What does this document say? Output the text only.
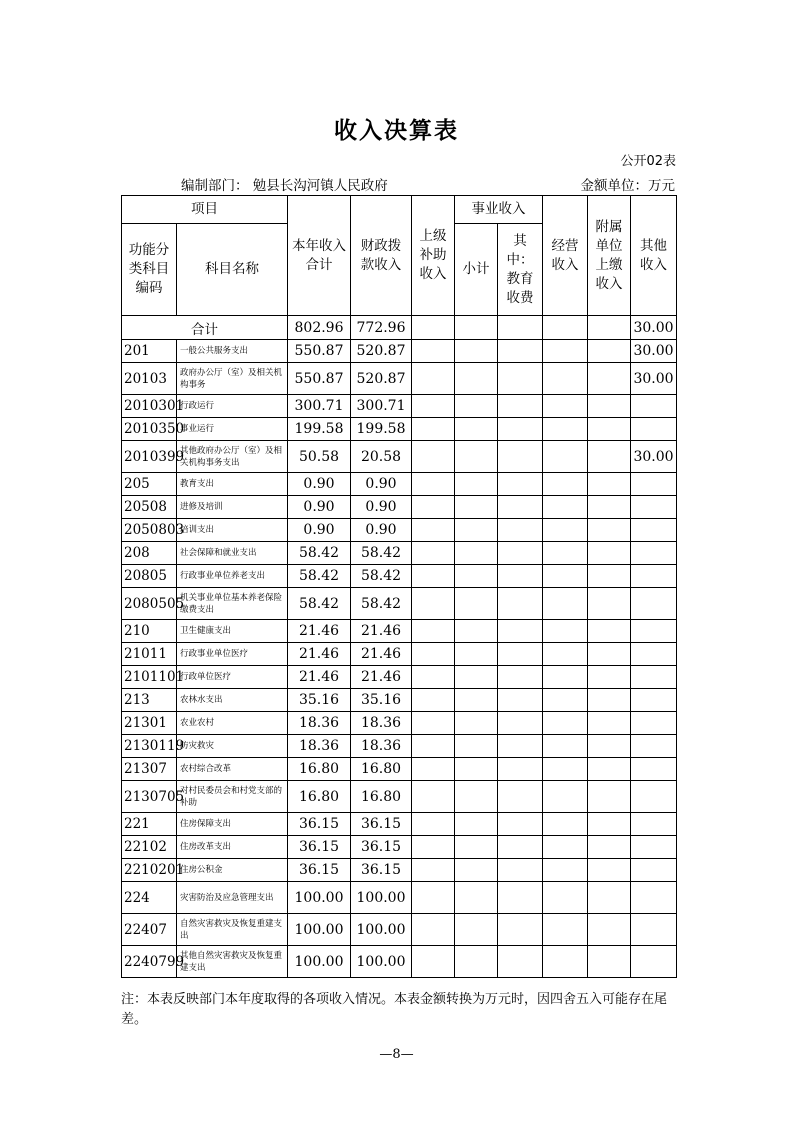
收入决算表
公开02表
编制部门： 勉县长沟河镇人民政府	金额单位：万元
项目		本年收入合计	财政拨款收入	上级补助收入	事业收入		经营收入	附属单位上缴收入	其他收入
功能分类科目编码	科目名称				小计	其中：教育收费			
合计		802.96	772.96						30.00
201	一般公共服务支出	550.87	520.87						30.00
20103	政府办公厅（室）及相关机构事务	550.87	520.87						30.00
2010301	行政运行	300.71	300.71						
2010350	事业运行	199.58	199.58						
2010399	其他政府办公厅（室）及相关机构事务支出	50.58	20.58						30.00
205	教育支出	0.90	0.90						
20508	进修及培训	0.90	0.90						
2050803	培训支出	0.90	0.90						
208	社会保障和就业支出	58.42	58.42						
20805	行政事业单位养老支出	58.42	58.42						
2080505	机关事业单位基本养老保险缴费支出	58.42	58.42						
210	卫生健康支出	21.46	21.46						
21011	行政事业单位医疗	21.46	21.46						
2101101	行政单位医疗	21.46	21.46						
213	农林水支出	35.16	35.16						
21301	农业农村	18.36	18.36						
2130119	防灾救灾	18.36	18.36						
21307	农村综合改革	16.80	16.80						
2130705	对村民委员会和村党支部的补助	16.80	16.80						
221	住房保障支出	36.15	36.15						
22102	住房改革支出	36.15	36.15						
2210201	住房公积金	36.15	36.15						
224	灾害防治及应急管理支出	100.00	100.00						
22407	自然灾害救灾及恢复重建支出	100.00	100.00						
2240799	其他自然灾害救灾及恢复重建支出	100.00	100.00						
注：本表反映部门本年度取得的各项收入情况。本表金额转换为万元时，因四舍五入可能存在尾差。
—8—
